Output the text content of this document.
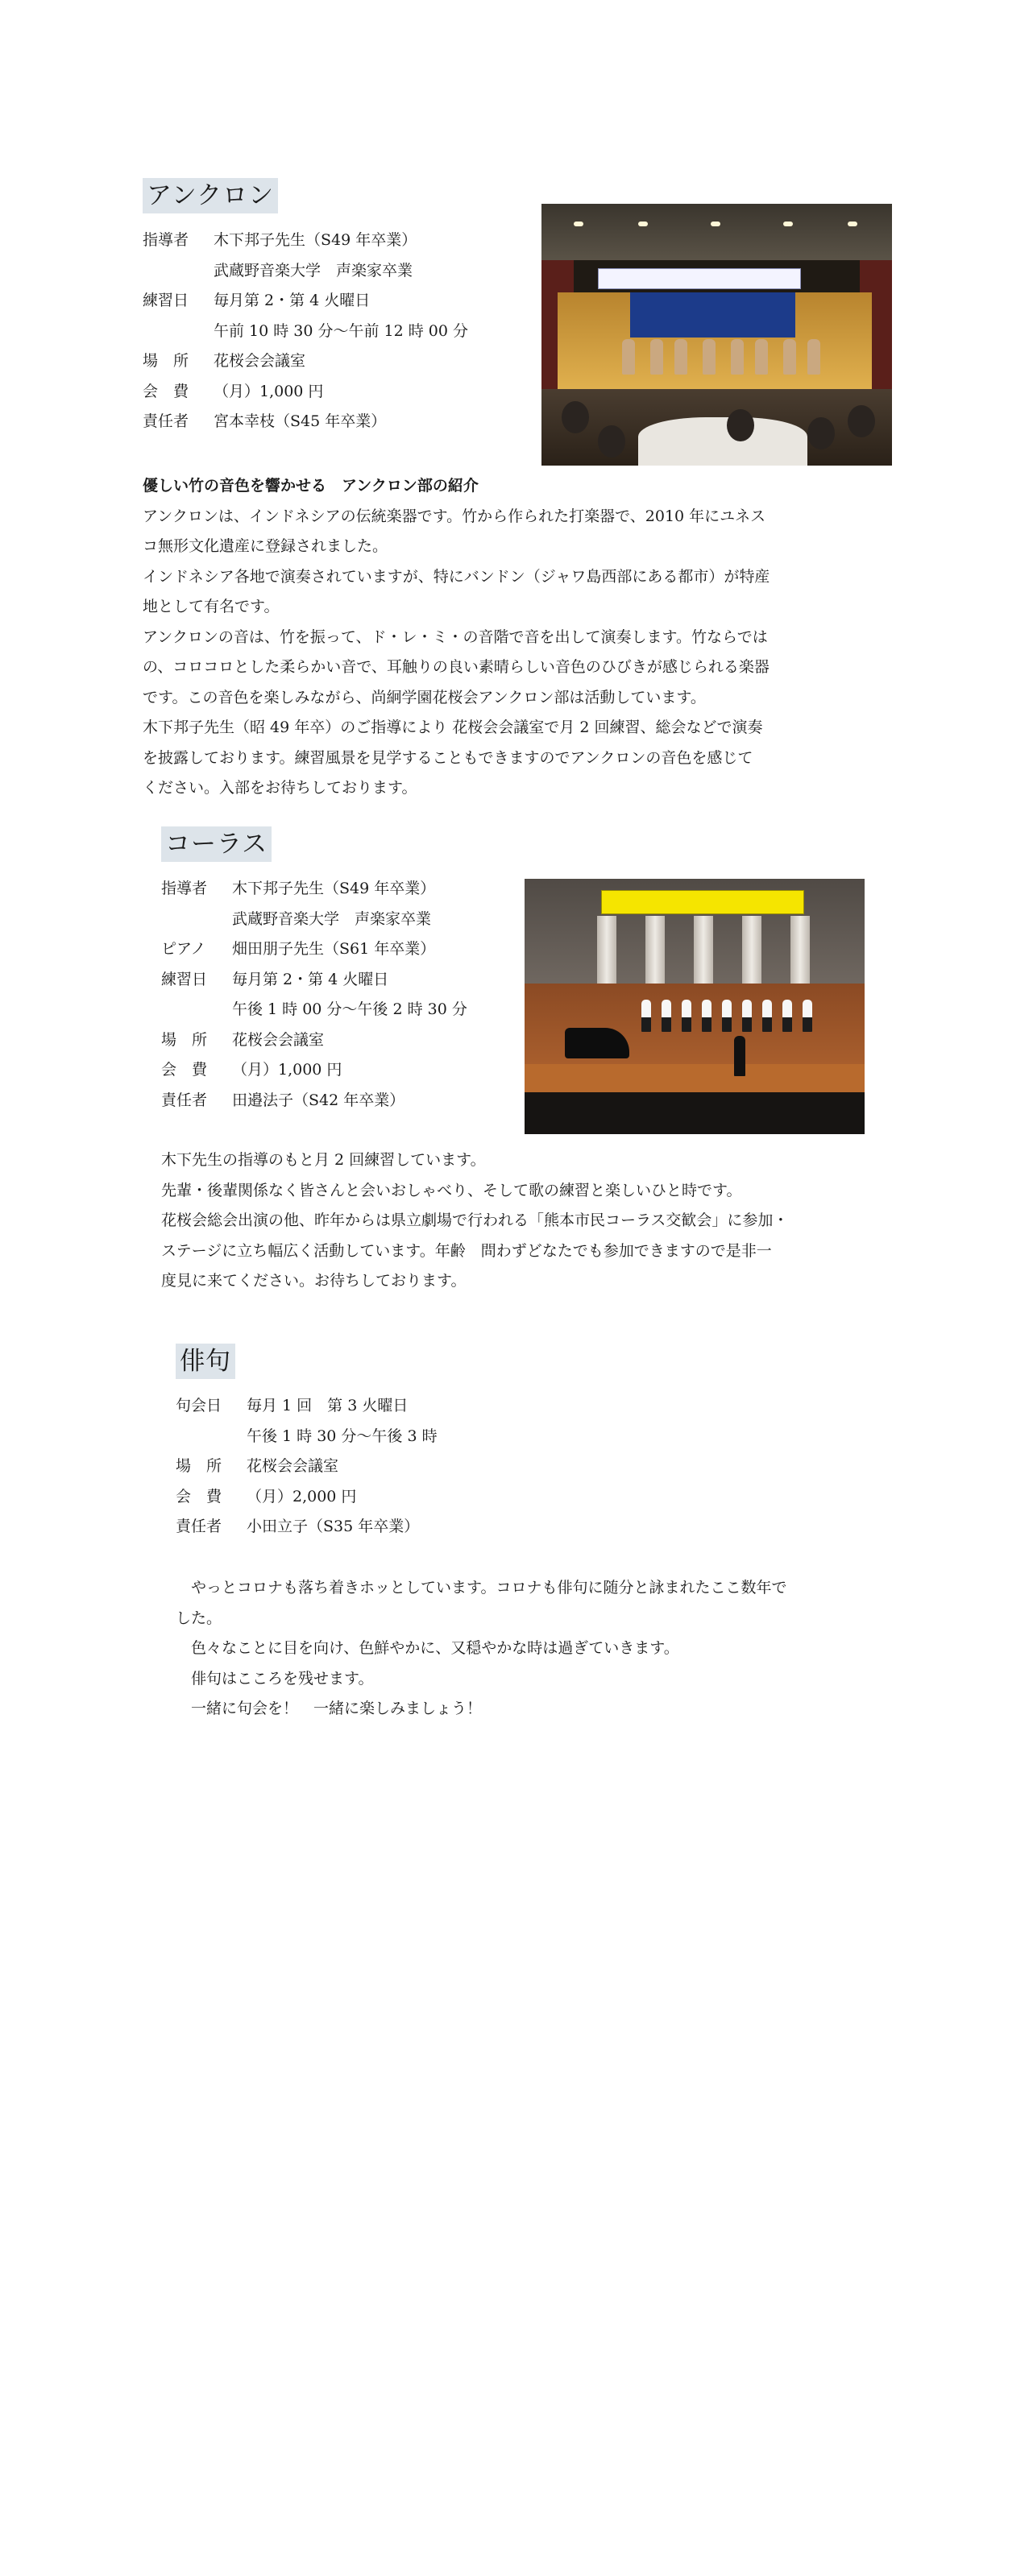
アンクロン
指導者	木下邦子先生（S49 年卒業）
武蔵野音楽大学　声楽家卒業
練習日	毎月第 2・第 4 火曜日
午前 10 時 30 分〜午前 12 時 00 分
場　所	花桜会会議室
会　費	（月）1,000 円
責任者	宮本幸枝（S45 年卒業）

優しい竹の音色を響かせる　アンクロン部の紹介

アンクロンは、インドネシアの伝統楽器です。竹から作られた打楽器で、2010 年にユネス

コ無形文化遺産に登録されました。

インドネシア各地で演奏されていますが、特にバンドン（ジャワ島西部にある都市）が特産

地として有名です。

アンクロンの音は、竹を振って、ド・レ・ミ・の音階で音を出して演奏します。竹ならでは

の、コロコロとした柔らかい音で、耳触りの良い素晴らしい音色のひびきが感じられる楽器

です。この音色を楽しみながら、尚絅学園花桜会アンクロン部は活動しています。

木下邦子先生（昭 49 年卒）のご指導により 花桜会会議室で月 2 回練習、総会などで演奏

を披露しております。練習風景を見学することもできますのでアンクロンの音色を感じて

ください。入部をお待ちしております。

コーラス
指導者	木下邦子先生（S49 年卒業）
武蔵野音楽大学　声楽家卒業
ピアノ	畑田朋子先生（S61 年卒業）
練習日	毎月第 2・第 4 火曜日
午後 1 時 00 分〜午後 2 時 30 分
場　所	花桜会会議室
会　費	（月）1,000 円
責任者	田邉法子（S42 年卒業）

木下先生の指導のもと月 2 回練習しています。

先輩・後輩関係なく皆さんと会いおしゃべり、そして歌の練習と楽しいひと時です。

花桜会総会出演の他、昨年からは県立劇場で行われる「熊本市民コーラス交歓会」に参加・

ステージに立ち幅広く活動しています。年齢　問わずどなたでも参加できますので是非一

度見に来てください。お待ちしております。

俳句
句会日	毎月 1 回　第 3 火曜日
午後 1 時 30 分〜午後 3 時
場　所	花桜会会議室
会　費	（月）2,000 円
責任者	小田立子（S35 年卒業）

　やっとコロナも落ち着きホッとしています。コロナも俳句に随分と詠まれたここ数年で

した。

　色々なことに目を向け、色鮮やかに、又穏やかな時は過ぎていきます。

　俳句はこころを残せます。

　一緒に句会を！　一緒に楽しみましょう！
